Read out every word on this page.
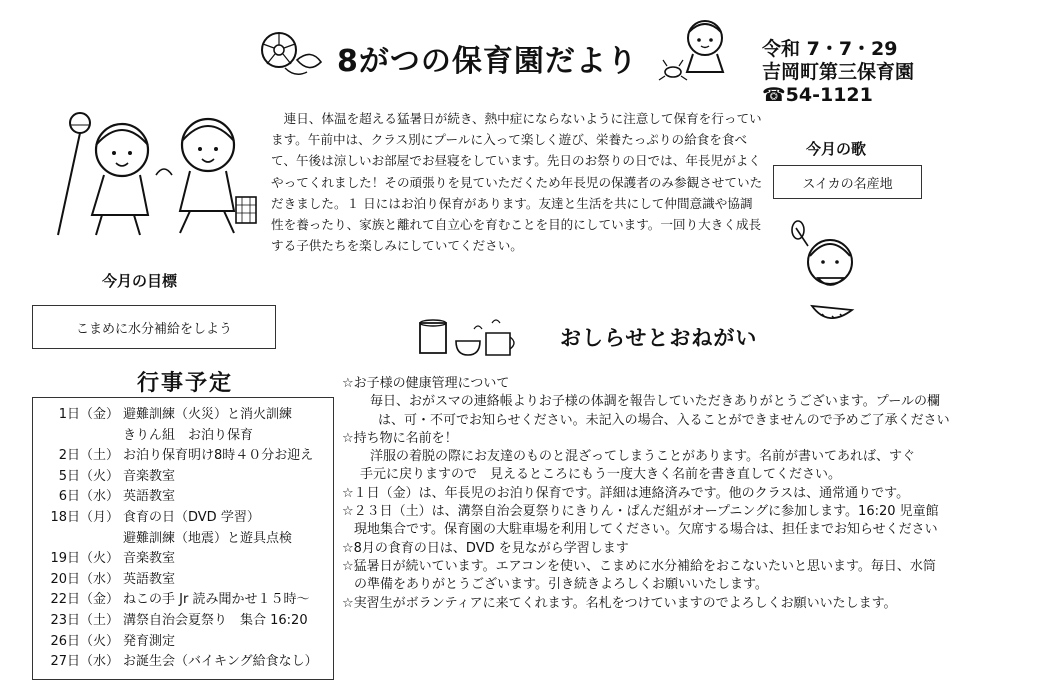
8がつの保育園だより	令和 7・7・29
吉岡町第三保育園
☎54-1121
連日、体温を超える猛暑日が続き、熱中症にならないように注意して保育を行っています。午前中は、クラス別にプールに入って楽しく遊び、栄養たっぷりの給食を食べて、午後は涼しいお部屋でお昼寝をしています。先日のお祭りの日では、年長児がよくやってくれました！その頑張りを見ていただくため年長児の保護者のみ参観させていただきました。１ 日にはお泊り保育があります。友達と生活を共にして仲間意識や協調性を養ったり、家族と離れて自立心を育むことを目的にしています。一回り大きく成長する子供たちを楽しみにしていてください。
今月の歌
スイカの名産地
今月の目標
こまめに水分補給をしよう	おしらせとおねがい
行事予定
1日（金） 避難訓練（火災）と消火訓練
きりん組　お泊り保育
2日（土） お泊り保育明け8時４０分お迎え
5日（火） 音楽教室
6日（水） 英語教室
18日（月） 食育の日（DVD 学習）
避難訓練（地震）と遊具点検
19日（火） 音楽教室
20日（水） 英語教室
22日（金） ねこの手 Jr 読み聞かせ１５時～
23日（土） 溝祭自治会夏祭り　集合 16:20
26日（火） 発育測定
27日（水） お誕生会（バイキング給食なし）
☆お子様の健康管理について
毎日、おがスマの連絡帳よりお子様の体調を報告していただきありがとうございます。プールの欄
は、可・不可でお知らせください。未記入の場合、入ることができませんので予めご了承ください
☆持ち物に名前を！
洋服の着脱の際にお友達のものと混ざってしまうことがあります。名前が書いてあれば、すぐ
手元に戻りますので　見えるところにもう一度大きく名前を書き直してください。
☆１日（金）は、年長児のお泊り保育です。詳細は連絡済みです。他のクラスは、通常通りです。
☆２３日（土）は、溝祭自治会夏祭りにきりん・ぱんだ組がオープニングに参加します。16:20 児童館
現地集合です。保育園の大駐車場を利用してください。欠席する場合は、担任までお知らせください
☆8月の食育の日は、DVD を見ながら学習します
☆猛暑日が続いています。エアコンを使い、こまめに水分補給をおこないたいと思います。毎日、水筒
の準備をありがとうございます。引き続きよろしくお願いいたします。
☆実習生がボランティアに来てくれます。名札をつけていますのでよろしくお願いいたします。
